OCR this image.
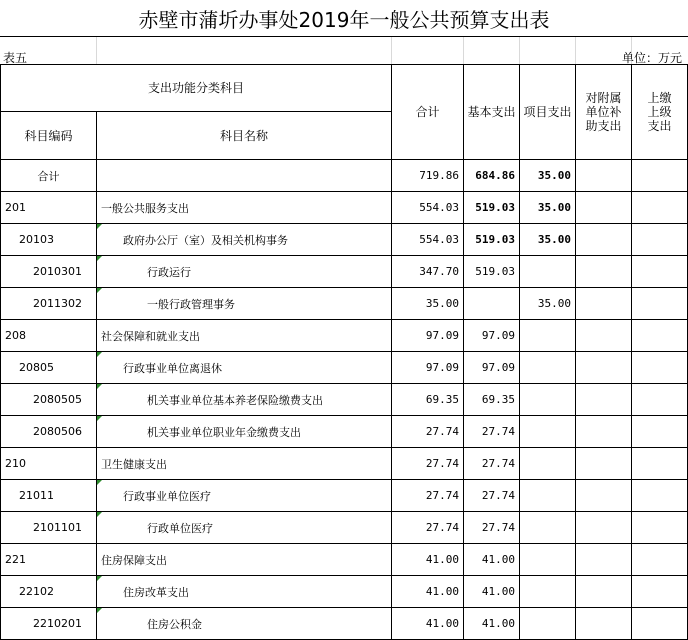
赤壁市蒲圻办事处2019年一般公共预算支出表
表五	单位：万元
支出功能分类科目		合计	基本支出	项目支出	对附属单位补助支出	上缴上级支出
科目编码	科目名称					
合计		719.86	684.86	35.00		
201	一般公共服务支出	554.03	519.03	35.00		
20103	政府办公厅（室）及相关机构事务	554.03	519.03	35.00		
2010301	行政运行	347.70	519.03			
2011302	一般行政管理事务	35.00		35.00		
208	社会保障和就业支出	97.09	97.09			
20805	行政事业单位离退休	97.09	97.09			
2080505	机关事业单位基本养老保险缴费支出	69.35	69.35			
2080506	机关事业单位职业年金缴费支出	27.74	27.74			
210	卫生健康支出	27.74	27.74			
21011	行政事业单位医疗	27.74	27.74			
2101101	行政单位医疗	27.74	27.74			
221	住房保障支出	41.00	41.00			
22102	住房改革支出	41.00	41.00			
2210201	住房公积金	41.00	41.00			
